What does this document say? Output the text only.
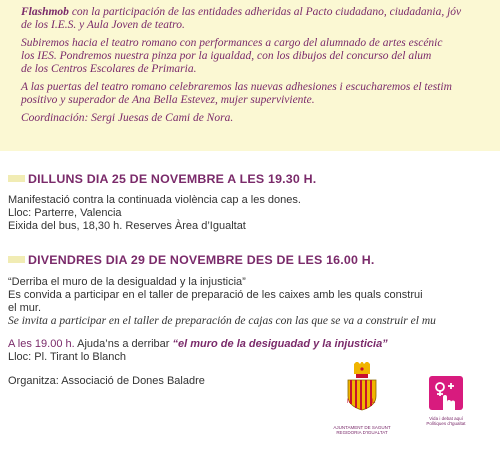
Flashmob con la participación de las entidades adheridas al Pacto ciudadano, ciudadania, jóv
de los I.E.S. y Aula Joven de teatro.
Subiremos hacia el teatro romano con performances a cargo del alumnado de artes escénic
los IES. Pondremos nuestra pinza por la igualdad, con los dibujos del concurso del alum
de los Centros Escolares de Primaria.
A las puertas del teatro romano celebraremos las nuevas adhesiones i escucharemos el testim
positivo y superador de Ana Bella Estevez, mujer superviviente.
Coordinación: Sergi Juesas de Cami de Nora.
DILLUNS DIA 25 DE NOVEMBRE A LES 19.30 H.
Manifestació contra la continuada violència cap a les dones.
Lloc: Parterre, Valencia
Eixida del bus, 18,30 h. Reserves Àrea d’Igualtat
DIVENDRES DIA 29 DE NOVEMBRE DES DE LES 16.00 H.
“Derriba el muro de la desigualdad y la injusticia”
Es convida a participar en el taller de preparació de les caixes amb les quals construi
el mur.
Se invita a participar en el taller de preparación de cajas con las que se va a construir el mu
A les 19.00 h. Ajuda’ns a derribar “el muro de la desiguadad y la injusticia”
Lloc: Pl. Tirant lo Blanch
Organitza: Associació de Dones Baladre
M	L
AJUNTAMENT DE SAGUNT
REGIDORIA D'IGUALTAT
Vida i debat aquí
Polítiques d'Igualtat
